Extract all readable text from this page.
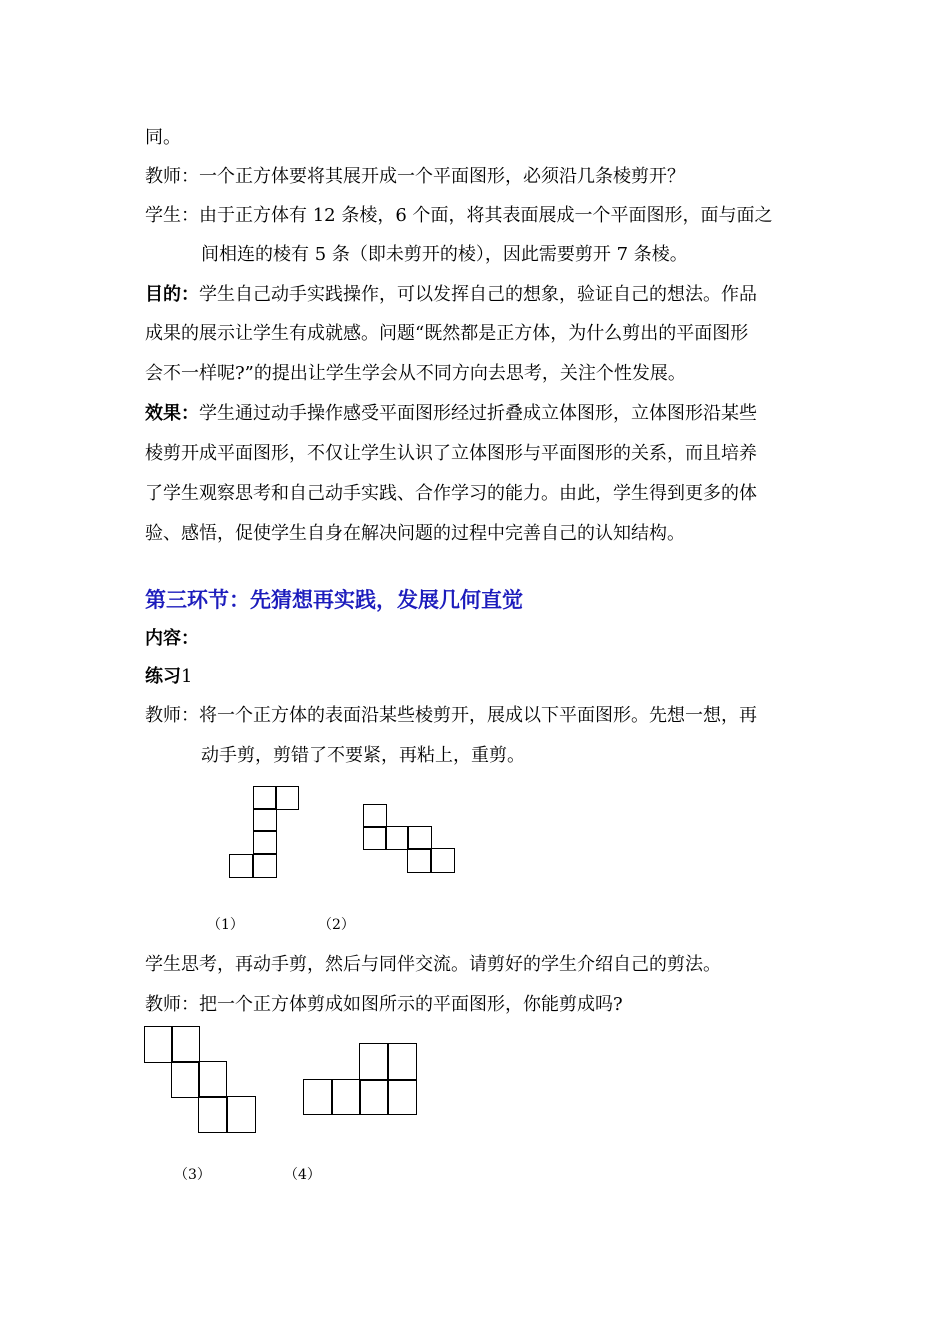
同。
教师：一个正方体要将其展开成一个平面图形，必须沿几条棱剪开？
学生：由于正方体有 12 条棱，6 个面，将其表面展成一个平面图形，面与面之
间相连的棱有 5 条（即未剪开的棱），因此需要剪开 7 条棱。
目的：学生自己动手实践操作，可以发挥自己的想象，验证自己的想法。作品
成果的展示让学生有成就感。问题“既然都是正方体，为什么剪出的平面图形
会不一样呢?”的提出让学生学会从不同方向去思考，关注个性发展。
效果：学生通过动手操作感受平面图形经过折叠成立体图形，立体图形沿某些
棱剪开成平面图形，不仅让学生认识了立体图形与平面图形的关系，而且培养
了学生观察思考和自己动手实践、合作学习的能力。由此，学生得到更多的体
验、感悟，促使学生自身在解决问题的过程中完善自己的认知结构。
第三环节：先猜想再实践，发展几何直觉
内容：
练习1
教师：将一个正方体的表面沿某些棱剪开，展成以下平面图形。先想一想，再
动手剪，剪错了不要紧，再粘上，重剪。
（1）	（2）
学生思考，再动手剪，然后与同伴交流。请剪好的学生介绍自己的剪法。
教师：把一个正方体剪成如图所示的平面图形，你能剪成吗?
（3）	（4）
